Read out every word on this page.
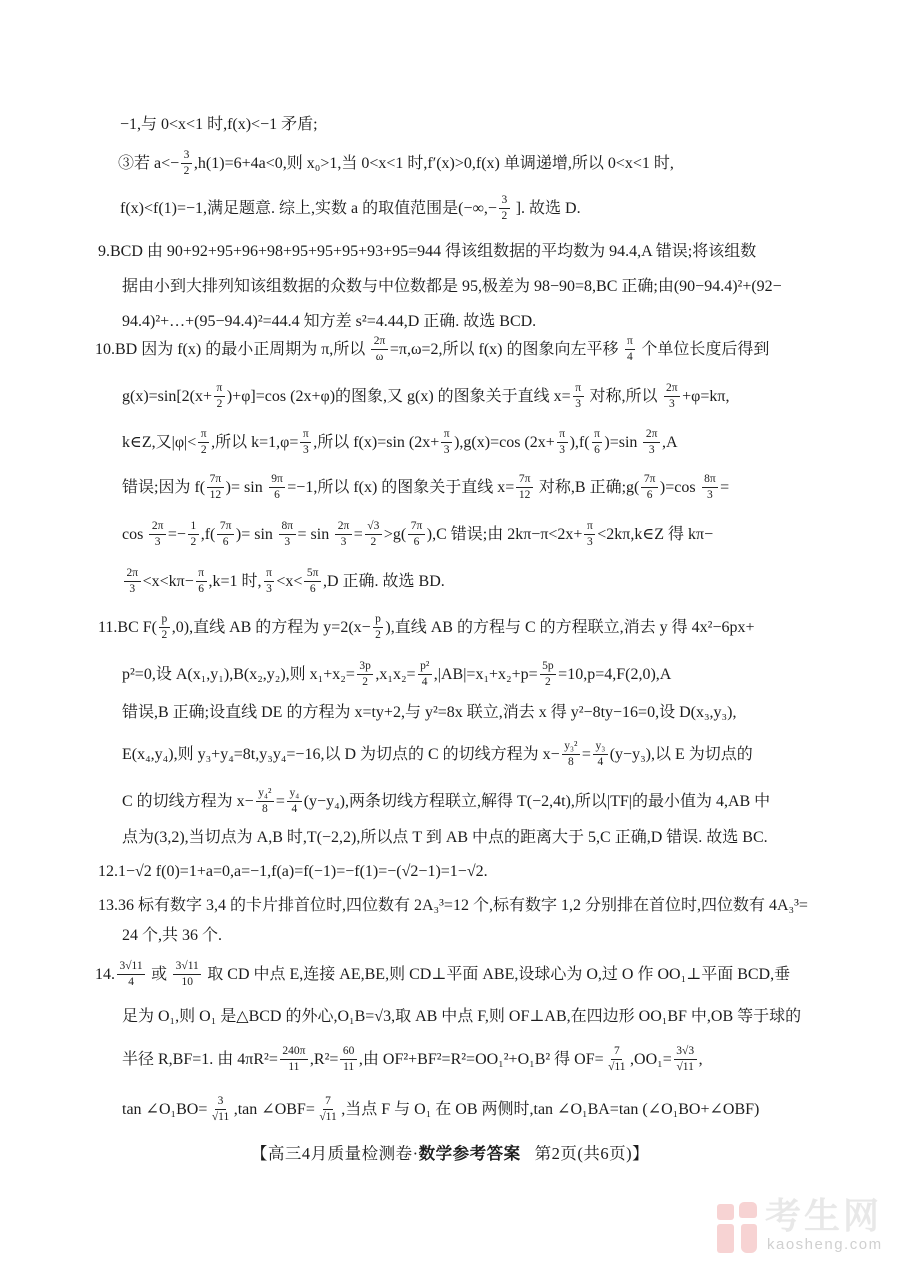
−1,与 0<x<1 时,f(x)<−1 矛盾;
③若 $a<- \frac{3}{2} ,h(1)=6+4a<0$,则 x₀>1,当 0<x<1 时,f′(x)>0,f(x) 单调递增,所以 0<x<1 时,
f(x)<f(1)=−1,满足题意. 综上,实数 a 的取值范围是(−∞,− $\frac{3}{2}$ ]. 故选 D.
9.BCD 由 90+92+95+96+98+95+95+95+93+95=944 得该组数据的平均数为 94.4,A 错误;将该组数
据由小到大排列知该组数据的众数与中位数都是 95,极差为 98−90=8,BC 正确;由(90−94.4)²+(92−
94.4)²+…+(95−94.4)²=44.4 知方差 s²=4.44,D 正确. 故选 BCD.
10.BD 因为 f(x) 的最小正周期为 π,所以 $\frac{2\pi}{\omega} =\pi,\omega=2$,所以 f(x) 的图象向左平移 $\frac{\pi}{4}$ 个单位长度后得到
$g(x)=\sin[2(x+ \frac{\pi}{2} )+\varphi]=\cos$ (2x+φ)的图象,又 g(x) 的图象关于直线 $x= \frac{\pi}{3}$ 对称,所以 $\frac{2\pi}{3} +\varphi=k\pi$,
k∈Z,又$|\varphi|< \frac{\pi}{2}$ ,所以 $k=1,\varphi= \frac{\pi}{3}$ ,所以 f(x)=sin $(2x+ \frac{\pi}{3} ),g(x)=\cos$ $(2x+ \frac{\pi}{3} ),f( \frac{\pi}{6} )=\sin \frac{2\pi}{3} ,A$
错误;因为 $f( \frac{7\pi}{12}$ )= $\sin \frac{9\pi}{6} =-1$,所以 f(x) 的图象关于直线 $x= \frac{7\pi}{12}$ 对称,B 正确;g( $\frac{7\pi}{6} )=\cos \frac{8\pi}{3}$ =
$\cos \frac{2\pi}{3} =- \frac{1}{2} ,f( \frac{7\pi}{6}$ )= $\sin \frac{8\pi}{3} = \sin \frac{2\pi}{3} = \frac{√3}{2} >g( \frac{7\pi}{6} ),C$ 错误;由 $2k\pi-\pi<2x+ \frac{\pi}{3}$ <2kπ,k∈Z 得 kπ−
$\frac{2\pi}{3} <x<k\pi- \frac{\pi}{6} ,k=1$ 时, $\frac{\pi}{3} <x< \frac{5\pi}{6} ,D$ 正确. 故选 BD.
11.BC $F( \frac{p}{2} ,0)$,直线 AB 的方程为 $y=2(x- \frac{p}{2}$ ),直线 AB 的方程与 C 的方程联立,消去 y 得 4x²−6px+
p²=0,设 A(x₁,y₁),B(x₂,y₂),则 $x_1+x_2= \frac{3p}{2} ,x_1x_2= \frac{\text{p²}}{4} ,|AB|=x_1+x_2+p= \frac{5p}{2} =10,p=4,F(2,0),A$
错误,B 正确;设直线 DE 的方程为 x=ty+2,与 y²=8x 联立,消去 x 得 y²−8ty−16=0,设 D(x₃,y₃),
E(x₄,y₄),则 y₃+y₄=8t,y₃y₄=−16,以 D 为切点的 C 的切线方程为 $x- \frac{\text{y₃²}}{8} = \frac{\text{y₃}}{4} (y-y_3)$,以 E 为切点的
C 的切线方程为 $x- \frac{\text{y₄²}}{8} = \frac{\text{y₄}}{4} (y-y_4)$,两条切线方程联立,解得 T(−2,4t),所以|TF|的最小值为 4,AB 中
点为(3,2),当切点为 A,B 时,T(−2,2),所以点 T 到 AB 中点的距离大于 5,C 正确,D 错误. 故选 BC.
12.1−√2 f(0)=1+a=0,a=−1,f(a)=f(−1)=−f(1)=−(√2−1)=1−√2.
13.36 标有数字 3,4 的卡片排首位时,四位数有 2A₃³=12 个,标有数字 1,2 分别排在首位时,四位数有 4A₃³=
24 个,共 36 个.
14. $\frac{3√11}{4}$ 或 $\frac{3√11}{10}$ 取 CD 中点 E,连接 AE,BE,则 CD⊥平面 ABE,设球心为 O,过 O 作 OO₁⊥平面 BCD,垂
足为 O₁,则 O₁ 是△BCD 的外心,O₁B=√3,取 AB 中点 F,则 OF⊥AB,在四边形 OO₁BF 中,OB 等于球的
半径 R,BF=1. 由 $4\pi R^2= \frac{240\pi}{11} ,R^2= \frac{60}{11}$ ,由 OF²+BF²=R²=OO₁²+O₁B² 得 $OF= \frac{7}{√11} ,OO_1= \frac{3√3}{√11}$ ,
tan ∠O₁BO= $\frac{3}{√11} ,\tan$ ∠OBF= $\frac{7}{√11}$ ,当点 F 与 O₁ 在 OB 两侧时,tan ∠O₁BA=tan (∠O₁BO+∠OBF)
【高三4月质量检测卷·数学参考答案 第2页(共6页)】
考生网
kaosheng.com
